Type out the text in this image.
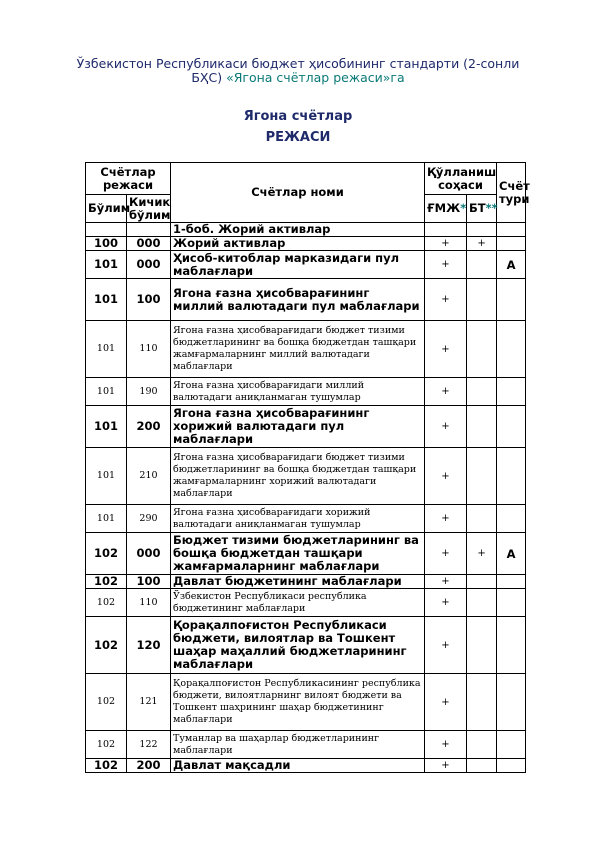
Ўзбекистон Республикаси бюджет ҳисобининг стандарти (2-сонли
БҲС) «Ягона счётлар режаси»га
Ягона счётлар
РЕЖАСИ
Счётлар режаси		Счётлар номи	Қўлланиш соҳаси		Счёт тури
Бўлим	Кичик бўлим		ҒМЖ*	БТ**	
		1-боб. Жорий активлар			
100	000	Жорий активлар	+	+	
101	000	Ҳисоб-китоблар марказидаги пул маблағлари	+		А
101	100	Ягона ғазна ҳисобварағининг миллий валютадаги пул маблағлари	+		
101	110	Ягона ғазна ҳисобварағидаги бюджет тизими бюджетларининг ва бошқа бюджетдан ташқари жамғармаларнинг миллий валютадаги маблағлари	+		
101	190	Ягона ғазна ҳисобварағидаги миллий валютадаги аниқланмаган тушумлар	+		
101	200	Ягона ғазна ҳисобварағининг хорижий валютадаги пул маблағлари	+		
101	210	Ягона ғазна ҳисобварағидаги бюджет тизими бюджетларининг ва бошқа бюджетдан ташқари жамғармаларнинг хорижий валютадаги маблағлари	+		
101	290	Ягона ғазна ҳисобварағидаги хорижий валютадаги аниқланмаган тушумлар	+		
102	000	Бюджет тизими бюджетларининг ва бошқа бюджетдан ташқари жамғармаларнинг маблағлари	+	+	А
102	100	Давлат бюджетининг маблағлари	+		
102	110	Ўзбекистон Республикаси республика бюджетининг маблағлари	+		
102	120	Қорақалпоғистон Республикаси бюджети, вилоятлар ва Тошкент шаҳар маҳаллий бюджетларининг маблағлари	+		
102	121	Қорақалпоғистон Республикасининг республика бюджети, вилоятларнинг вилоят бюджети ва Тошкент шаҳрининг шаҳар бюджетининг маблағлари	+		
102	122	Туманлар ва шаҳарлар бюджетларининг маблағлари	+		
102	200	Давлат мақсадли	+		
